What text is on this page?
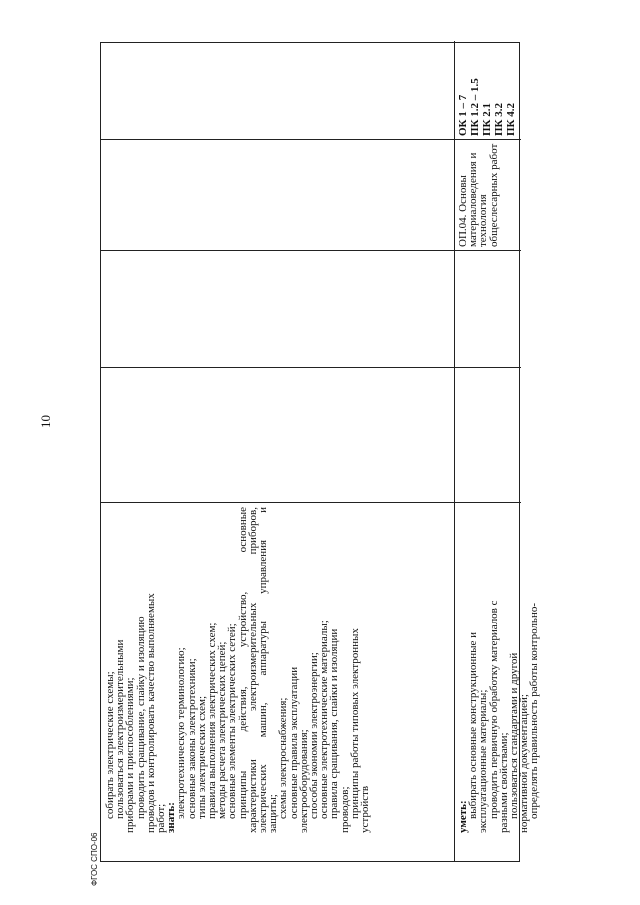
собирать электрические схемы;
пользоваться электроизмерительными
приборами и приспособлениями;
проводить сращивание, спайку и изоляцию
проводов и контролировать качество выполняемых
работ;
знать:
электротехническую терминологию;
основные законы электротехники;
типы электрических схем;
правила выполнения электрических схем;
методы расчета электрических цепей;
основные элементы электрических сетей;
принципы действия, устройство, основные
характеристики электроизмерительных приборов,
электрических машин, аппаратуры управления и
защиты;
схемы электроснабжения;
основные правила эксплуатации
электрооборудования;
способы экономии электроэнергии;
основные электротехнические материалы;
правила сращивания, спайки и изоляции
проводов;
принципы работы типовых электронных
устройств	уметь:
выбирать основные конструкционные и
эксплуатационные материалы;
проводить первичную обработку материалов с
разными свойствами;
пользоваться стандартами и другой
нормативной документацией;
определять правильность работы контрольно-
ОП.04. Основы
материаловедения и
технология
общеслесарных работ
ОК 1 – 7 ПК 1.2 – 1.5 ПК 2.1 ПК 3.2 ПК 4.2
10
ФГОС СПО-06
